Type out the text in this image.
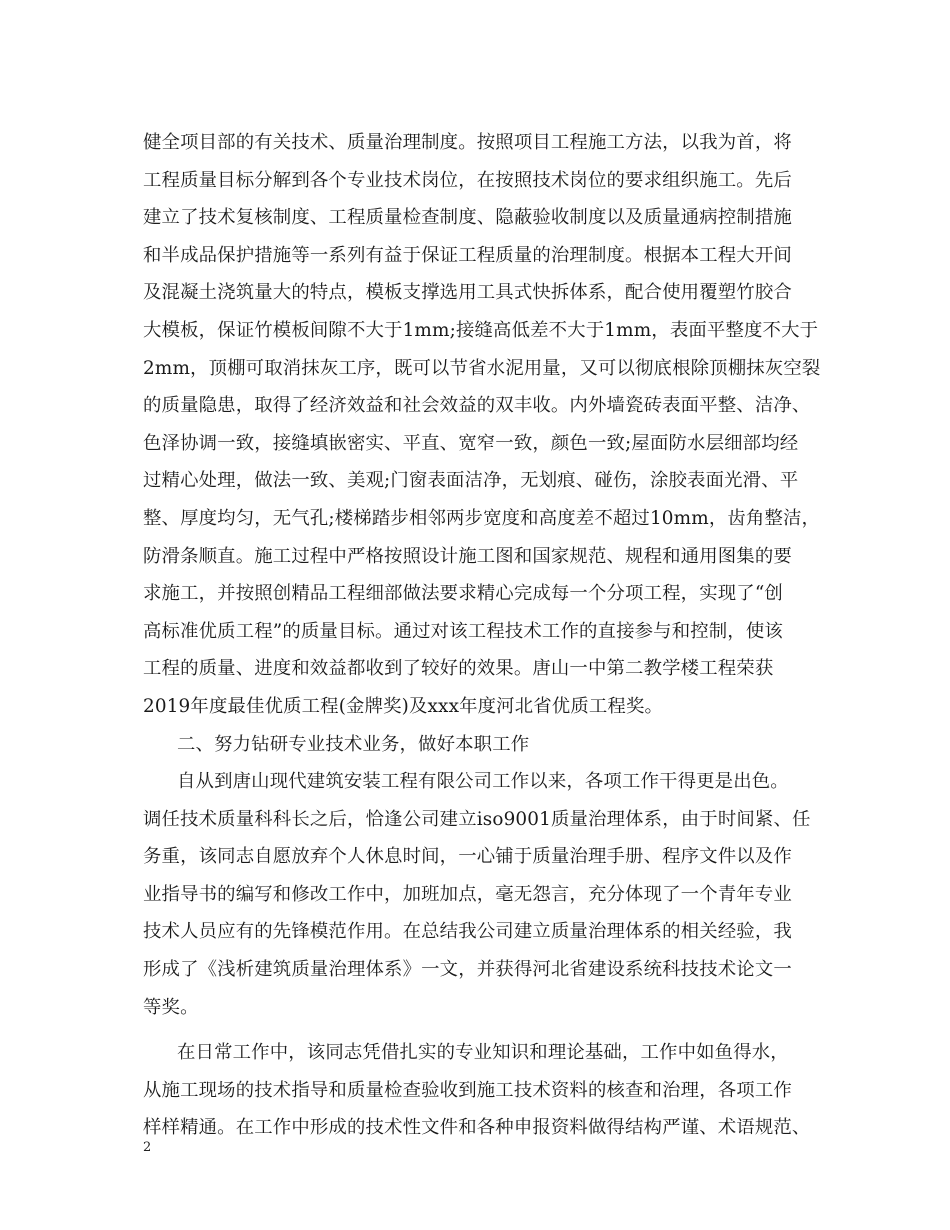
健全项目部的有关技术、质量治理制度。按照项目工程施工方法，以我为首，将
工程质量目标分解到各个专业技术岗位，在按照技术岗位的要求组织施工。先后
建立了技术复核制度、工程质量检查制度、隐蔽验收制度以及质量通病控制措施
和半成品保护措施等一系列有益于保证工程质量的治理制度。根据本工程大开间
及混凝土浇筑量大的特点，模板支撑选用工具式快拆体系，配合使用覆塑竹胶合
大模板，保证竹模板间隙不大于1mm;接缝高低差不大于1mm，表面平整度不大于
2mm，顶棚可取消抹灰工序，既可以节省水泥用量，又可以彻底根除顶棚抹灰空裂
的质量隐患，取得了经济效益和社会效益的双丰收。内外墙瓷砖表面平整、洁净、
色泽协调一致，接缝填嵌密实、平直、宽窄一致，颜色一致;屋面防水层细部均经
过精心处理，做法一致、美观;门窗表面洁净，无划痕、碰伤，涂胶表面光滑、平
整、厚度均匀，无气孔;楼梯踏步相邻两步宽度和高度差不超过10mm，齿角整洁，
防滑条顺直。施工过程中严格按照设计施工图和国家规范、规程和通用图集的要
求施工，并按照创精品工程细部做法要求精心完成每一个分项工程，实现了“创
高标准优质工程”的质量目标。通过对该工程技术工作的直接参与和控制，使该
工程的质量、进度和效益都收到了较好的效果。唐山一中第二教学楼工程荣获
2019年度最佳优质工程(金牌奖)及xxx年度河北省优质工程奖。
二、努力钻研专业技术业务，做好本职工作
自从到唐山现代建筑安装工程有限公司工作以来，各项工作干得更是出色。
调任技术质量科科长之后，恰逢公司建立iso9001质量治理体系，由于时间紧、任
务重，该同志自愿放弃个人休息时间，一心铺于质量治理手册、程序文件以及作
业指导书的编写和修改工作中，加班加点，毫无怨言，充分体现了一个青年专业
技术人员应有的先锋模范作用。在总结我公司建立质量治理体系的相关经验，我
形成了《浅析建筑质量治理体系》一文，并获得河北省建设系统科技技术论文一
等奖。
在日常工作中，该同志凭借扎实的专业知识和理论基础，工作中如鱼得水，
从施工现场的技术指导和质量检查验收到施工技术资料的核查和治理，各项工作
样样精通。在工作中形成的技术性文件和各种申报资料做得结构严谨、术语规范、
2
